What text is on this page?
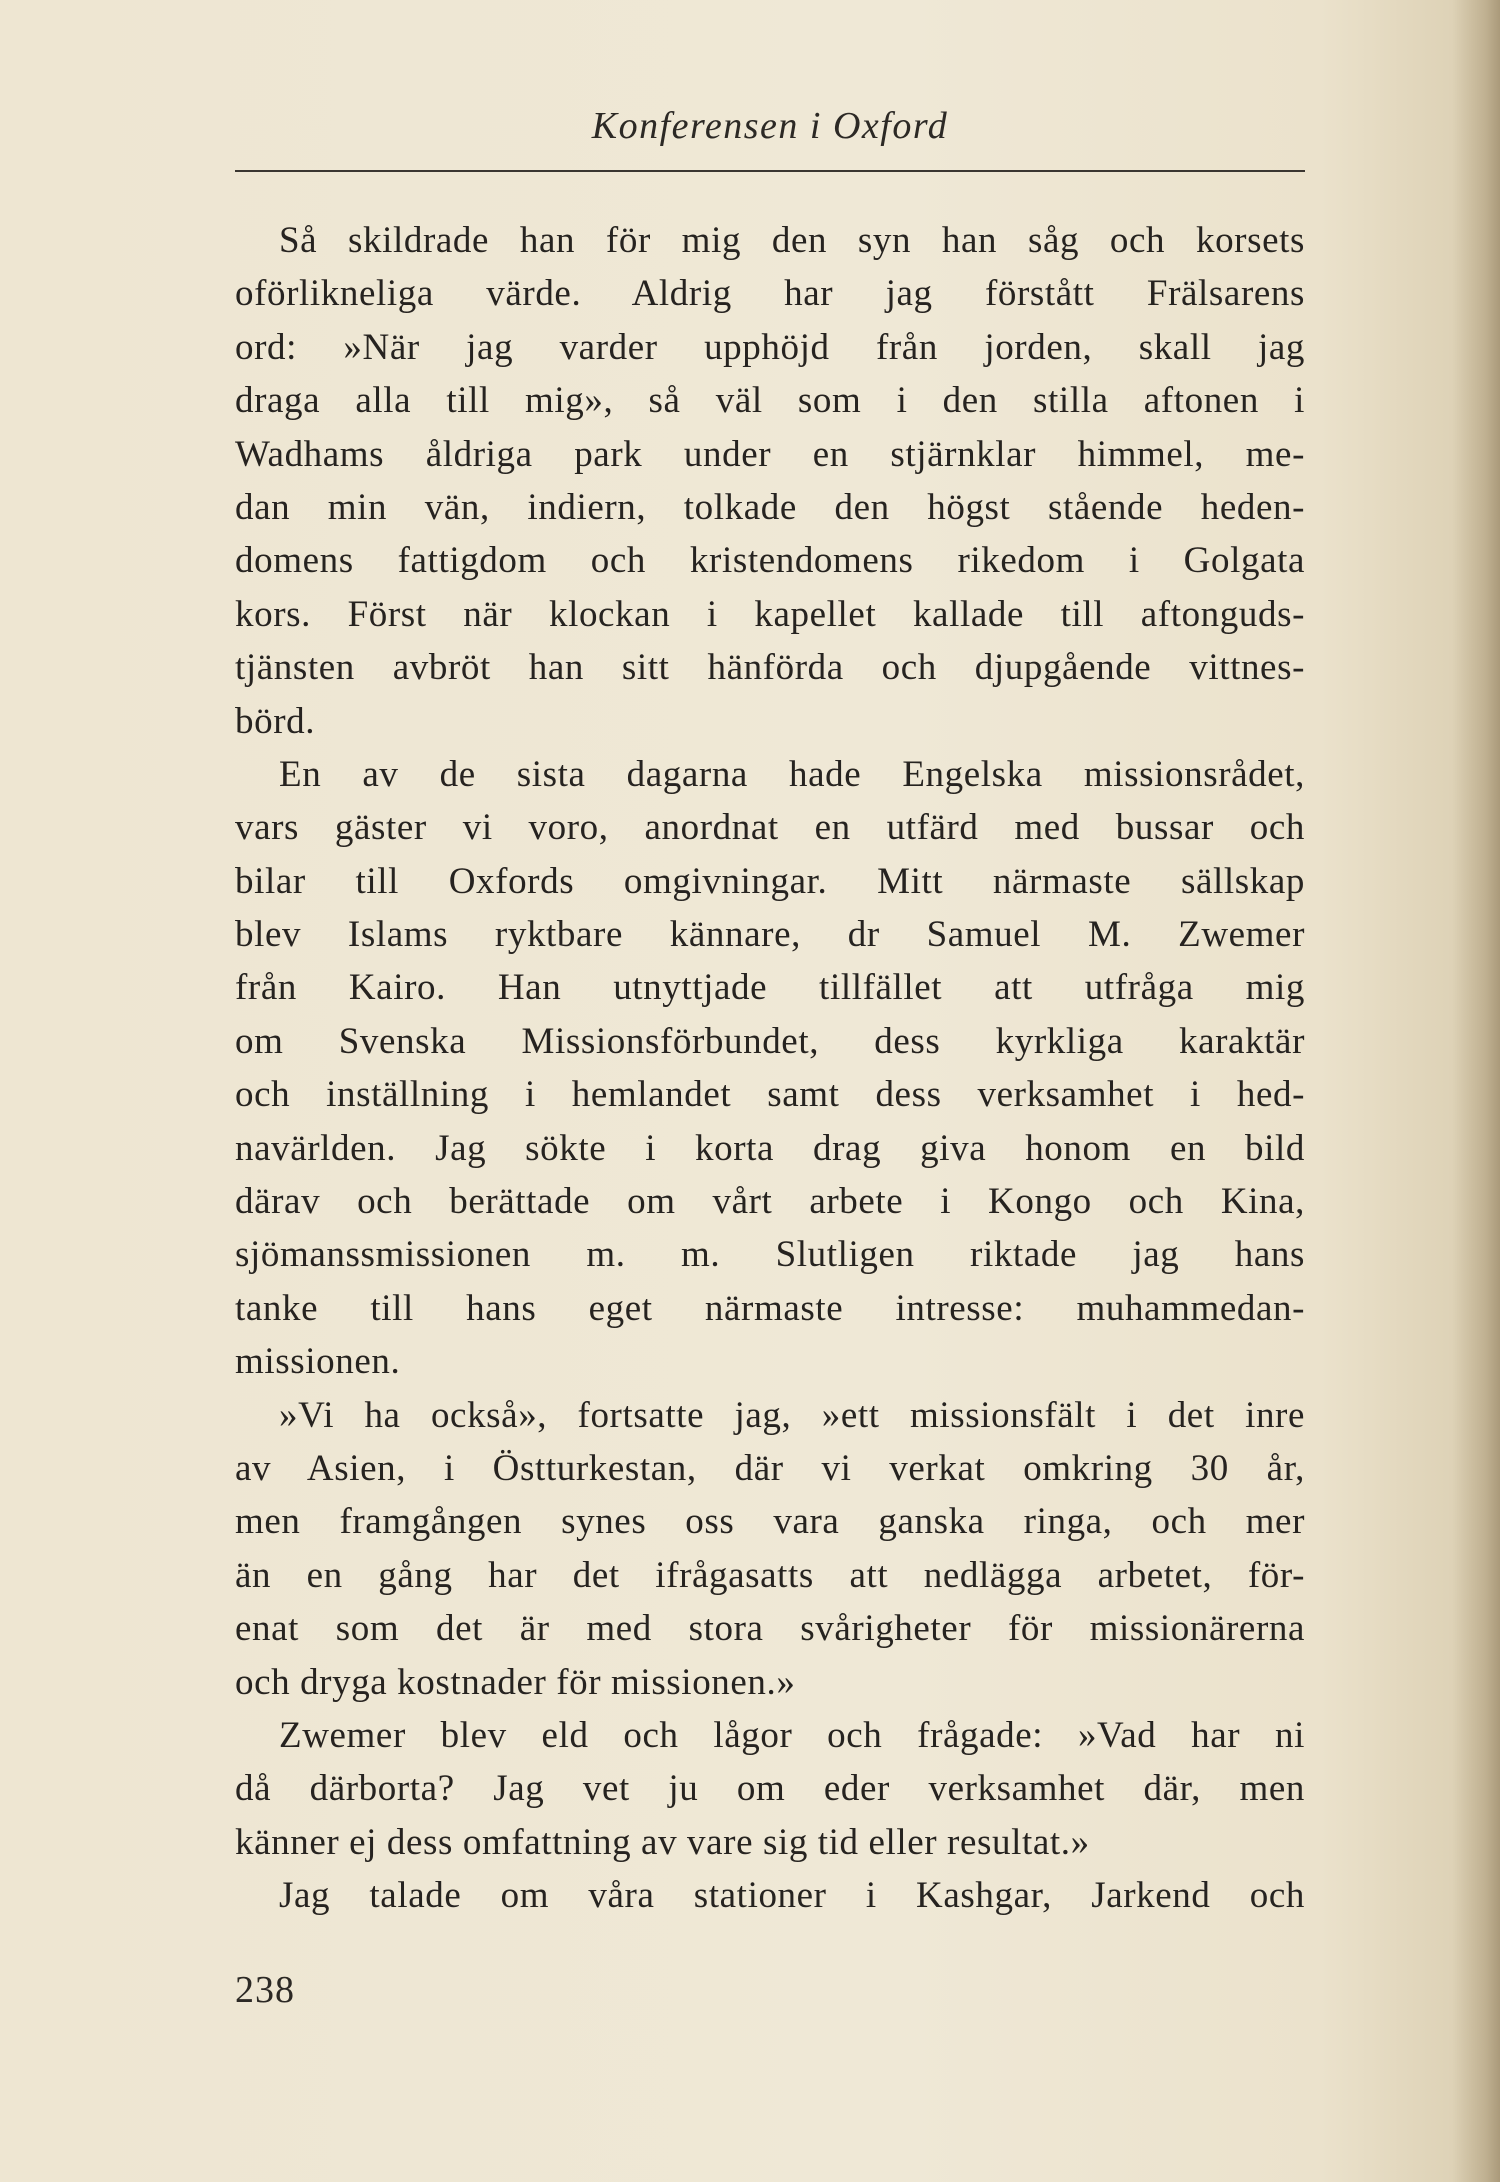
Konferensen i Oxford
Så skildrade han för mig den syn han såg och korsets
oförlikneliga värde. Aldrig har jag förstått Frälsarens
ord: »När jag varder upphöjd från jorden, skall jag
draga alla till mig», så väl som i den stilla aftonen i
Wadhams åldriga park under en stjärnklar himmel, me-
dan min vän, indiern, tolkade den högst stående heden-
domens fattigdom och kristendomens rikedom i Golgata
kors. Först när klockan i kapellet kallade till aftonguds-
tjänsten avbröt han sitt hänförda och djupgående vittnes-
börd.
En av de sista dagarna hade Engelska missionsrådet,
vars gäster vi voro, anordnat en utfärd med bussar och
bilar till Oxfords omgivningar. Mitt närmaste sällskap
blev Islams ryktbare kännare, dr Samuel M. Zwemer
från Kairo. Han utnyttjade tillfället att utfråga mig
om Svenska Missionsförbundet, dess kyrkliga karaktär
och inställning i hemlandet samt dess verksamhet i hed-
navärlden. Jag sökte i korta drag giva honom en bild
därav och berättade om vårt arbete i Kongo och Kina,
sjömanssmissionen m. m. Slutligen riktade jag hans
tanke till hans eget närmaste intresse: muhammedan-
missionen.
»Vi ha också», fortsatte jag, »ett missionsfält i det inre
av Asien, i Östturkestan, där vi verkat omkring 30 år,
men framgången synes oss vara ganska ringa, och mer
än en gång har det ifrågasatts att nedlägga arbetet, för-
enat som det är med stora svårigheter för missionärerna
och dryga kostnader för missionen.»
Zwemer blev eld och lågor och frågade: »Vad har ni
då därborta? Jag vet ju om eder verksamhet där, men
känner ej dess omfattning av vare sig tid eller resultat.»
Jag talade om våra stationer i Kashgar, Jarkend och
238
